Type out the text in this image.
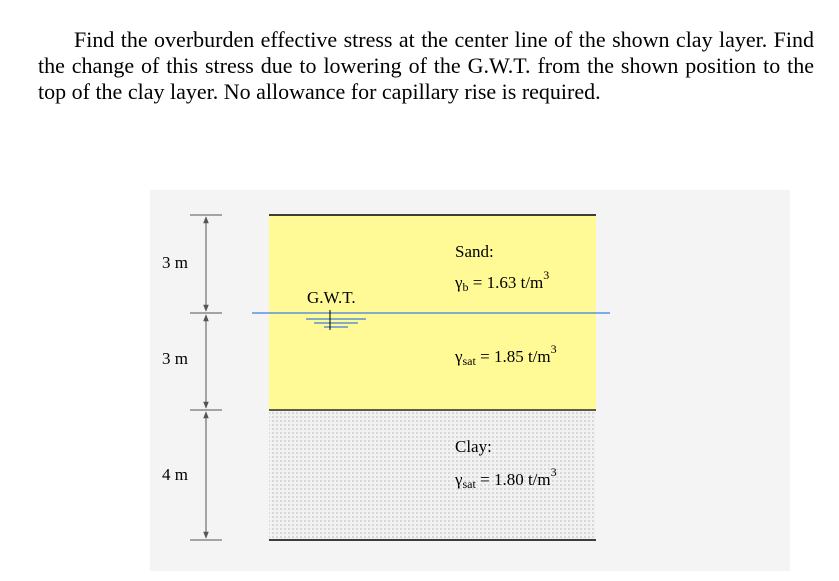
Find the overburden effective stress at the center line of the shown clay layer. Find the change of this stress due to lowering of the G.W.T. from the shown position to the top of the clay layer. No allowance for capillary rise is required.

G.W.T.
3 m
3 m
4 m
Sand:
γb = 1.63 $t/m^3$
γsat = 1.85 $t/m^3$
Clay:
γsat = 1.80 $t/m^3$
